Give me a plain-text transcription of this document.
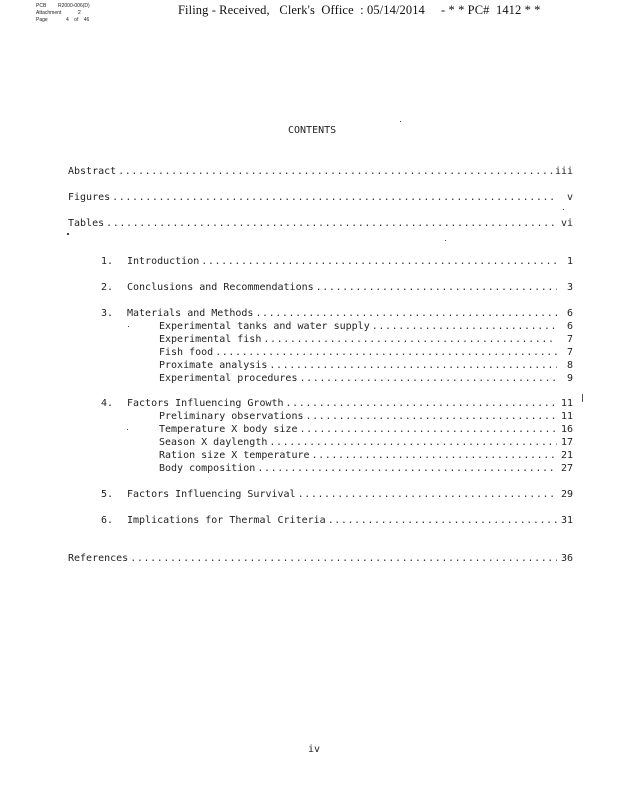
PCB	R2000-006(D)
Attachment	2
Page	4 of 46
Filing - Received,   Clerk's  Office  : 05/14/2014     - * * PC#  1412 * *
CONTENTS
Abstract .....	iii
Figures .....	v
Tables .....	vi
1.	Introduction .....	1
2.	Conclusions and Recommendations .....	3
3.	Materials and Methods .....	6
Experimental tanks and water supply .....	6
Experimental fish .....	7
Fish food .....	7
Proximate analysis .....	8
Experimental procedures .....	9
4.	Factors Influencing Growth .....	11
Preliminary observations .....	11
Temperature X body size .....	16
Season X daylength .....	17
Ration size X temperature .....	21
Body composition .....	27
5.	Factors Influencing Survival .....	29
6.	Implications for Thermal Criteria .....	31
References .....	36
iv
